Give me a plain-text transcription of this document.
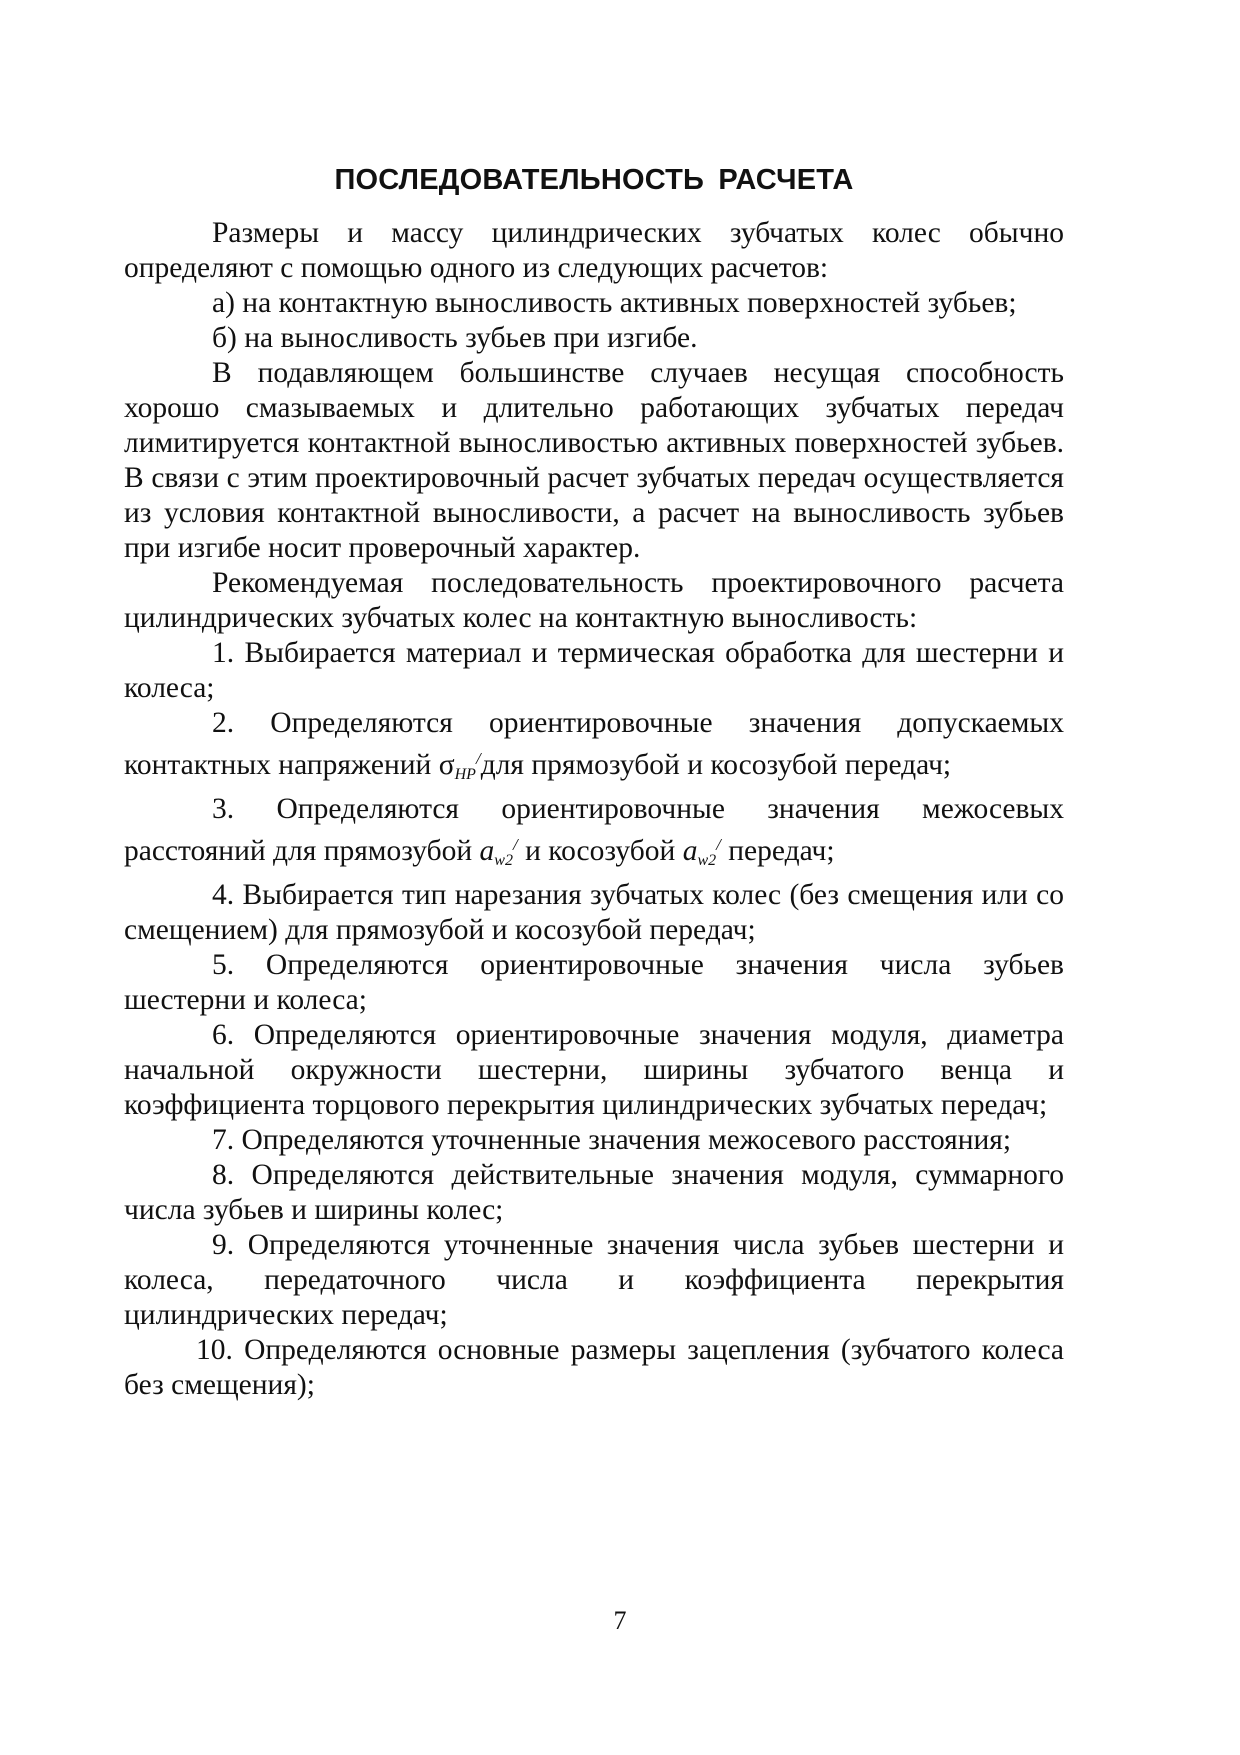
ПОСЛЕДОВАТЕЛЬНОСТЬ РАСЧЕТА

Размеры и массу цилиндрических зубчатых колес обычно

определяют с помощью одного из следующих расчетов:

а) на контактную выносливость активных поверхностей зубьев;

б) на выносливость зубьев при изгибе.

В подавляющем большинстве случаев несущая способность хорошо смазываемых и длительно работающих зубчатых передач лимитируется контактной выносливостью активных поверхностей зубьев. В связи с этим проектировочный расчет зубчатых передач осуществляется из условия контактной выносливости, а расчет на выносливость зубьев при изгибе носит проверочный характер.

Рекомендуемая последовательность проектировочного расчета цилиндрических зубчатых колес на контактную выносливость:

1. Выбирается материал и термическая обработка для шестерни и колеса;

2. Определяются ориентировочные значения допускаемых контактных напряжений $\sigma_{HP}^/для$ прямозубой и косозубой передач;

3. Определяются ориентировочные значения межосевых расстояний для прямозубой $a_{w2}^/$ и косозубой $a_{w2}^/$ передач;

4. Выбирается тип нарезания зубчатых колес (без смещения или со смещением) для прямозубой и косозубой передач;

5. Определяются ориентировочные значения числа зубьев шестерни и колеса;

6. Определяются ориентировочные значения модуля, диаметра начальной окружности шестерни, ширины зубчатого венца и коэффициента торцового перекрытия цилиндрических зубчатых передач;

7. Определяются уточненные значения межосевого расстояния;

8. Определяются действительные значения модуля, суммарного числа зубьев и ширины колес;

9. Определяются уточненные значения числа зубьев шестерни и колеса, передаточного числа и коэффициента перекрытия цилиндрических передач;

10. Определяются основные размеры зацепления (зубчатого колеса без смещения);

7
